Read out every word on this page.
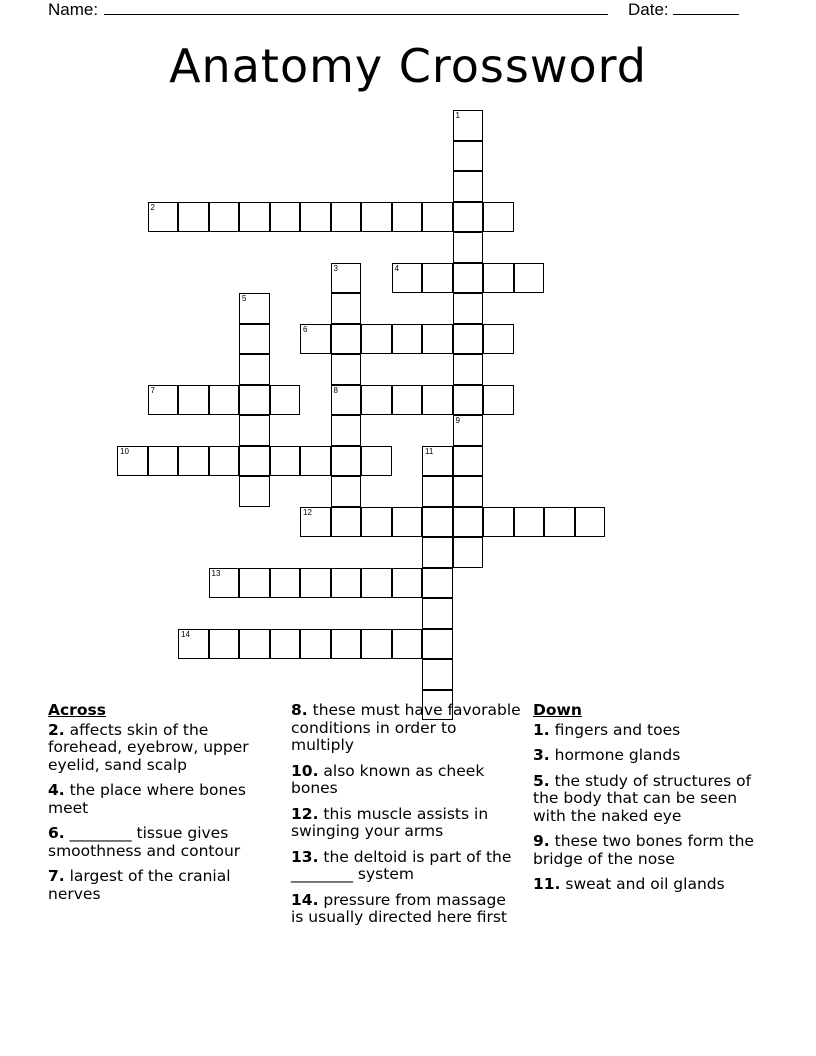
Name:	Date:
Anatomy Crossword
1
2
3
8
4
5
6
7
9
10	11
12
13
14
Across
2. affects skin of the forehead, eyebrow, upper eyelid, sand scalp
4. the place where bones meet
6. ________ tissue gives smoothness and contour
7. largest of the cranial nerves
8. these must have favorable conditions in order to multiply
10. also known as cheek bones
12. this muscle assists in swinging your arms
13. the deltoid is part of the ________ system
14. pressure from massage is usually directed here first
Down
1. fingers and toes
3. hormone glands
5. the study of structures of the body that can be seen with the naked eye
9. these two bones form the bridge of the nose
11. sweat and oil glands
